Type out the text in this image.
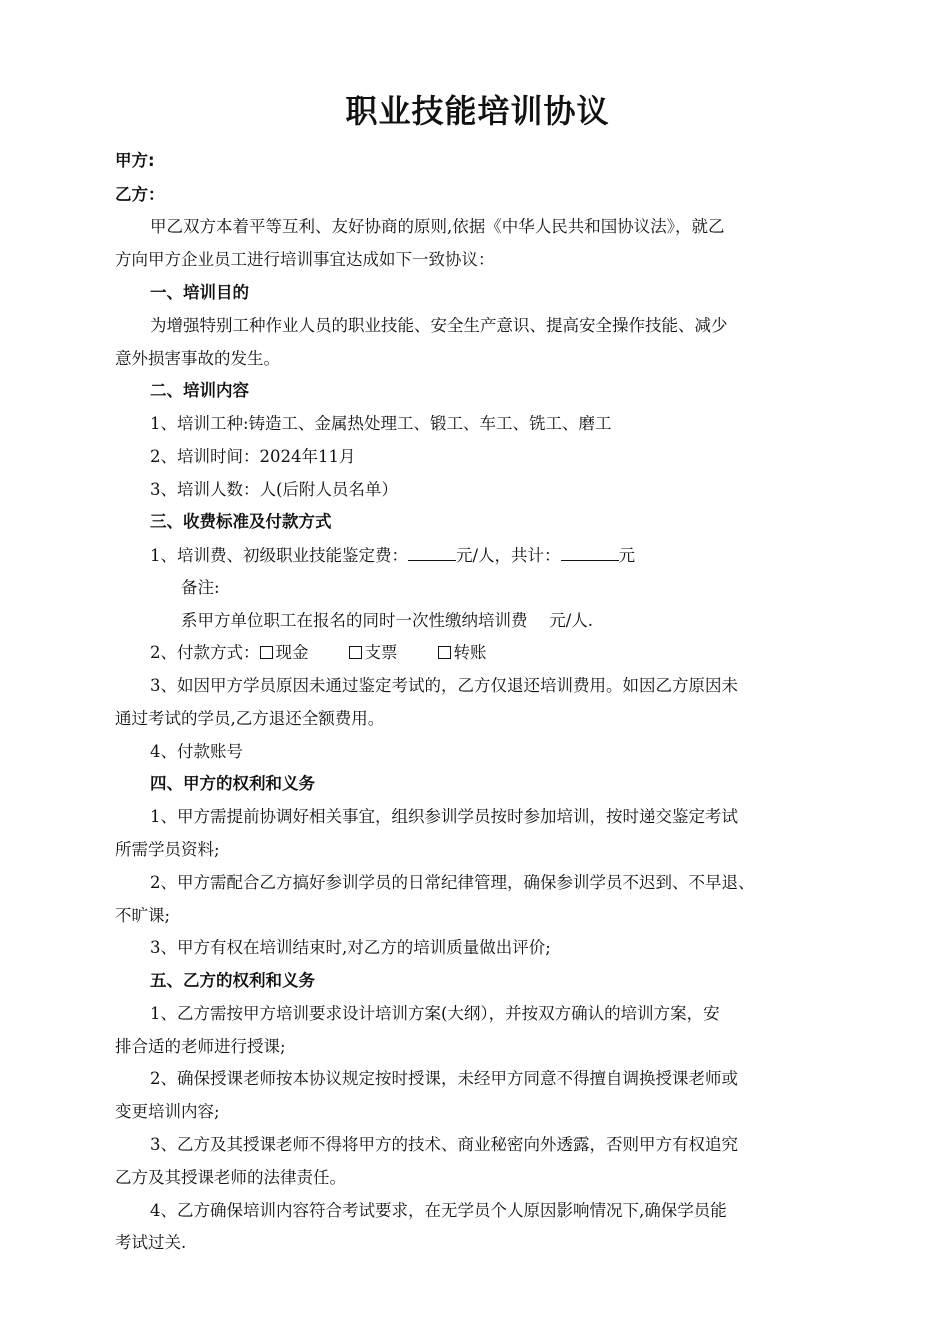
职业技能培训协议
甲方:
乙方：
甲乙双方本着平等互利、友好协商的原则,依据《中华人民共和国协议法》，就乙
方向甲方企业员工进行培训事宜达成如下一致协议：
一、培训目的
为增强特别工种作业人员的职业技能、安全生产意识、提高安全操作技能、减少
意外损害事故的发生。
二、培训内容
1、培训工种:铸造工、金属热处理工、锻工、车工、铣工、磨工
2、培训时间：2024年11月
3、培训人数：人(后附人员名单）
三、收费标准及付款方式
1、培训费、初级职业技能鉴定费：	元/人，共计：	元
备注:
系甲方单位职工在报名的同时一次性缴纳培训费　 元/人.
2、付款方式： 现金	支票	转账
3、如因甲方学员原因未通过鉴定考试的，乙方仅退还培训费用。如因乙方原因未
通过考试的学员,乙方退还全额费用。
4、付款账号
四、甲方的权利和义务
1、甲方需提前协调好相关事宜，组织参训学员按时参加培训，按时递交鉴定考试
所需学员资料;
2、甲方需配合乙方搞好参训学员的日常纪律管理，确保参训学员不迟到、不早退、
不旷课;
3、甲方有权在培训结束时,对乙方的培训质量做出评价;
五、乙方的权利和义务
1、乙方需按甲方培训要求设计培训方案(大纲），并按双方确认的培训方案，安
排合适的老师进行授课;
2、确保授课老师按本协议规定按时授课，未经甲方同意不得擅自调换授课老师或
变更培训内容;
3、乙方及其授课老师不得将甲方的技术、商业秘密向外透露，否则甲方有权追究
乙方及其授课老师的法律责任。
4、乙方确保培训内容符合考试要求，在无学员个人原因影响情况下,确保学员能
考试过关.
